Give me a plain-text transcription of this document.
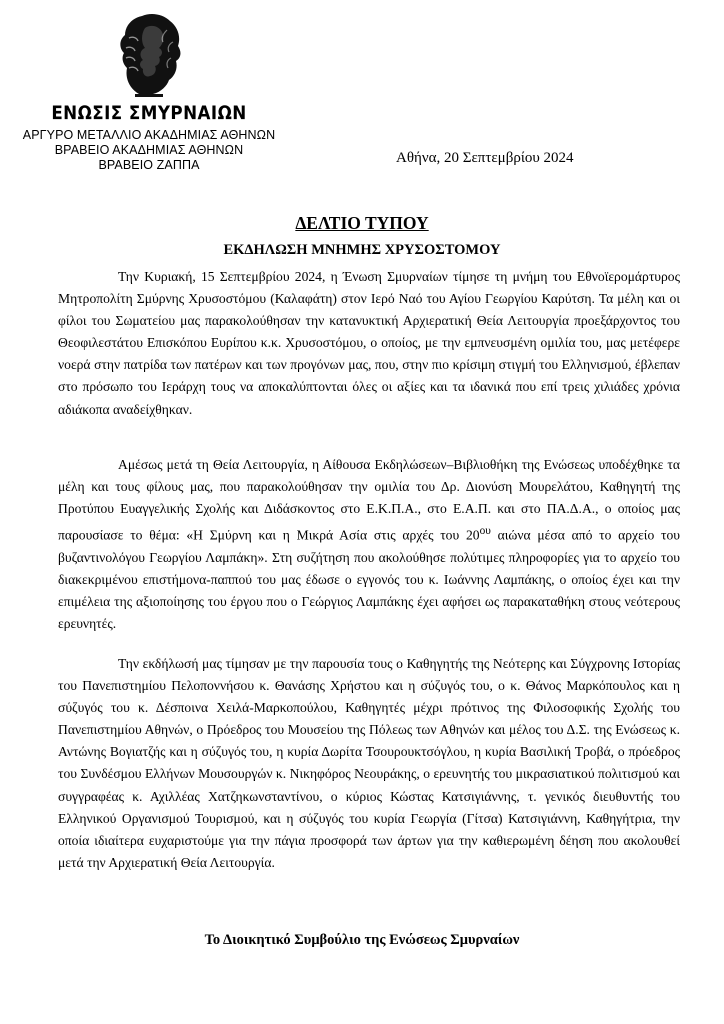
ΕΝΩΣΙΣ ΣΜΥΡΝΑΙΩΝ
ΑΡΓΥΡΟ ΜΕΤΑΛΛΙΟ ΑΚΑΔΗΜΙΑΣ ΑΘΗΝΩΝ
ΒΡΑΒΕΙΟ ΑΚΑΔΗΜΙΑΣ ΑΘΗΝΩΝ
ΒΡΑΒΕΙΟ ΖΑΠΠΑ	Αθήνα, 20 Σεπτεμβρίου 2024
ΔΕΛΤΙΟ ΤΥΠΟΥ
ΕΚΔΗΛΩΣΗ ΜΝΗΜΗΣ ΧΡΥΣΟΣΤΟΜΟΥ

Την Κυριακή, 15 Σεπτεμβρίου 2024, η Ένωση Σμυρναίων τίμησε τη μνήμη του Εθνοϊερομάρτυρος Μητροπολίτη Σμύρνης Χρυσοστόμου (Καλαφάτη) στον Ιερό Ναό του Αγίου Γεωργίου Καρύτση. Τα μέλη και οι φίλοι του Σωματείου μας παρακολούθησαν την κατανυκτική Αρχιερατική Θεία Λειτουργία προεξάρχοντος του Θεοφιλεστάτου Επισκόπου Ευρίπου κ.κ. Χρυσοστόμου, ο οποίος, με την εμπνευσμένη ομιλία του, μας μετέφερε νοερά στην πατρίδα των πατέρων και των προγόνων μας, που, στην πιο κρίσιμη στιγμή του Ελληνισμού, έβλεπαν στο πρόσωπο του Ιεράρχη τους να αποκαλύπτονται όλες οι αξίες και τα ιδανικά που επί τρεις χιλιάδες χρόνια αδιάκοπα αναδείχθηκαν.

Αμέσως μετά τη Θεία Λειτουργία, η Αίθουσα Εκδηλώσεων–Βιβλιοθήκη της Ενώσεως υποδέχθηκε τα μέλη και τους φίλους μας, που παρακολούθησαν την ομιλία του Δρ. Διονύση Μουρελάτου, Καθηγητή της Προτύπου Ευαγγελικής Σχολής και Διδάσκοντος στο Ε.Κ.Π.Α., στο Ε.Α.Π. και στο ΠΑ.Δ.Α., ο οποίος μας παρουσίασε το θέμα: «Η Σμύρνη και η Μικρά Ασία στις αρχές του $20^{o\upsilon}$ αιώνα μέσα από το αρχείο του βυζαντινολόγου Γεωργίου Λαμπάκη». Στη συζήτηση που ακολούθησε πολύτιμες πληροφορίες για το αρχείο του διακεκριμένου επιστήμονα-παππού του μας έδωσε ο εγγονός του κ. Ιωάννης Λαμπάκης, ο οποίος έχει και την επιμέλεια της αξιοποίησης του έργου που ο Γεώργιος Λαμπάκης έχει αφήσει ως παρακαταθήκη στους νεότερους ερευνητές.

Την εκδήλωσή μας τίμησαν με την παρουσία τους ο Καθηγητής της Νεότερης και Σύγχρονης Ιστορίας του Πανεπιστημίου Πελοποννήσου κ. Θανάσης Χρήστου και η σύζυγός του, ο κ. Θάνος Μαρκόπουλος και η σύζυγός του κ. Δέσποινα Χειλά-Μαρκοπούλου, Καθηγητές μέχρι πρότινος της Φιλοσοφικής Σχολής του Πανεπιστημίου Αθηνών, ο Πρόεδρος του Μουσείου της Πόλεως των Αθηνών και μέλος του Δ.Σ. της Ενώσεως κ. Αντώνης Βογιατζής και η σύζυγός του, η κυρία Δωρίτα Τσουρουκτσόγλου, η κυρία Βασιλική Τροβά, ο πρόεδρος του Συνδέσμου Ελλήνων Μουσουργών κ. Νικηφόρος Νεουράκης, ο ερευνητής του μικρασιατικού πολιτισμού και συγγραφέας κ. Αχιλλέας Χατζηκωνσταντίνου, ο κύριος Κώστας Κατσιγιάννης, τ. γενικός διευθυντής του Ελληνικού Οργανισμού Τουρισμού, και η σύζυγός του κυρία Γεωργία (Γίτσα) Κατσιγιάννη, Καθηγήτρια, την οποία ιδιαίτερα ευχαριστούμε για την πάγια προσφορά των άρτων για την καθιερωμένη δέηση που ακολουθεί μετά την Αρχιερατική Θεία Λειτουργία.

Το Διοικητικό Συμβούλιο της Ενώσεως Σμυρναίων
